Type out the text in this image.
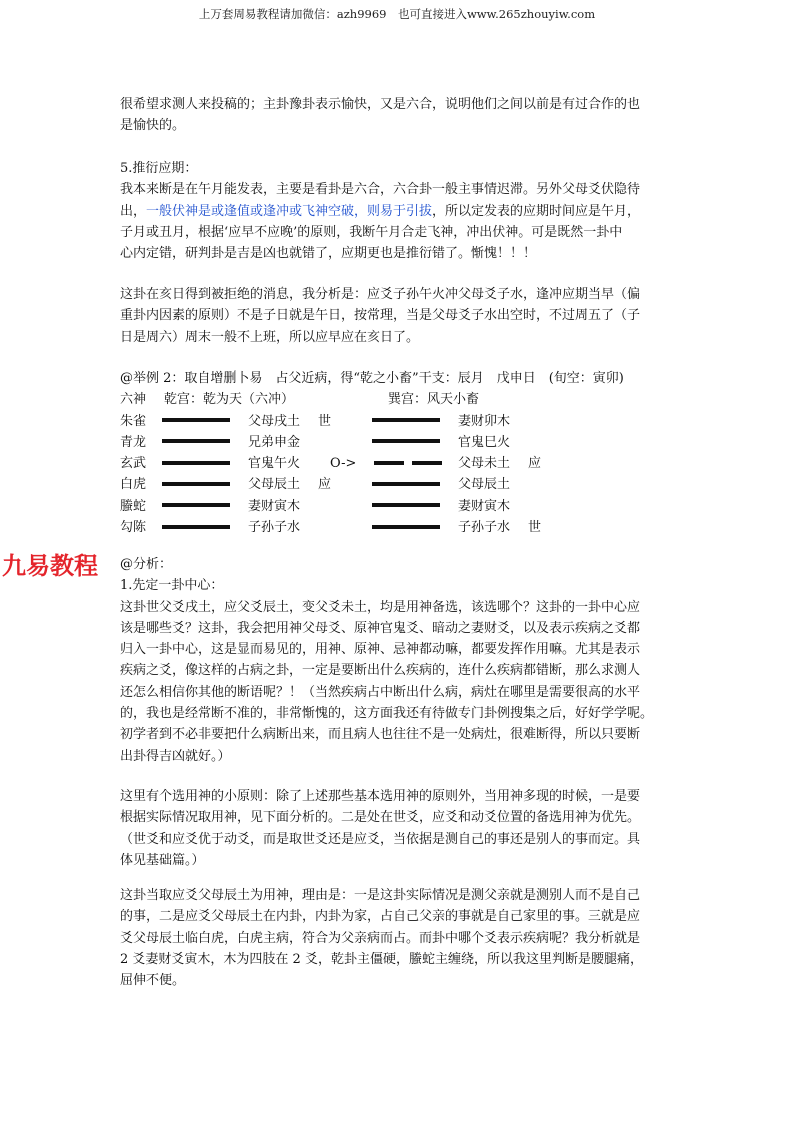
上万套周易教程请加微信：azh9969　也可直接进入www.265zhouyiw.com
九易教程

很希望求测人来投稿的；主卦豫卦表示愉快，又是六合，说明他们之间以前是有过合作的也

是愉快的。

5.推衍应期：

我本来断是在午月能发表，主要是看卦是六合，六合卦一般主事情迟滞。另外父母爻伏隐待

出，一般伏神是或逢值或逢冲或飞神空破，则易于引拔，所以定发表的应期时间应是午月，

子月或丑月，根据‘应早不应晚’的原则，我断午月合走飞神，冲出伏神。可是既然一卦中

心内定错，研判卦是吉是凶也就错了，应期更也是推衍错了。惭愧！！！

这卦在亥日得到被拒绝的消息，我分析是：应爻子孙午火冲父母爻子水，逢冲应期当早（偏

重卦内因素的原则）不是子日就是午日，按常理，当是父母爻子水出空时，不过周五了（子

日是周六）周末一般不上班，所以应早应在亥日了。

@举例 2：取自增删卜易　占父近病，得“乾之小畜”干支：辰月　戊申日　(旬空：寅卯)

六神 乾宫：乾为天（六冲）	巽宫：风天小畜
朱雀	父母戌土 世	妻财卯木
青龙	兄弟申金	官鬼巳火
玄武	官鬼午火 O->	父母未土 应
白虎	父母辰土 应	父母辰土
螣蛇	妻财寅木	妻财寅木
勾陈	子孙子水	子孙子水 世

@分析：

1.先定一卦中心：

这卦世父爻戌土，应父爻辰土，变父爻未土，均是用神备选，该选哪个？这卦的一卦中心应

该是哪些爻？这卦，我会把用神父母爻、原神官鬼爻、暗动之妻财爻，以及表示疾病之爻都

归入一卦中心，这是显而易见的，用神、原神、忌神都动嘛，都要发挥作用嘛。尤其是表示

疾病之爻，像这样的占病之卦，一定是要断出什么疾病的，连什么疾病都错断，那么求测人

还怎么相信你其他的断语呢？！（当然疾病占中断出什么病，病灶在哪里是需要很高的水平

的，我也是经常断不准的，非常惭愧的，这方面我还有待做专门卦例搜集之后，好好学学呢。

初学者到不必非要把什么病断出来，而且病人也往往不是一处病灶，很难断得，所以只要断

出卦得吉凶就好。）

这里有个选用神的小原则：除了上述那些基本选用神的原则外，当用神多现的时候，一是要

根据实际情况取用神，见下面分析的。二是处在世爻，应爻和动爻位置的备选用神为优先。

（世爻和应爻优于动爻，而是取世爻还是应爻，当依据是测自己的事还是别人的事而定。具

体见基础篇。）

这卦当取应爻父母辰土为用神，理由是：一是这卦实际情况是测父亲就是测别人而不是自己

的事，二是应爻父母辰土在内卦，内卦为家，占自己父亲的事就是自己家里的事。三就是应

爻父母辰土临白虎，白虎主病，符合为父亲病而占。而卦中哪个爻表示疾病呢？我分析就是

2 爻妻财爻寅木，木为四肢在 2 爻，乾卦主僵硬，螣蛇主缠绕，所以我这里判断是腰腿痛，

屈伸不便。
